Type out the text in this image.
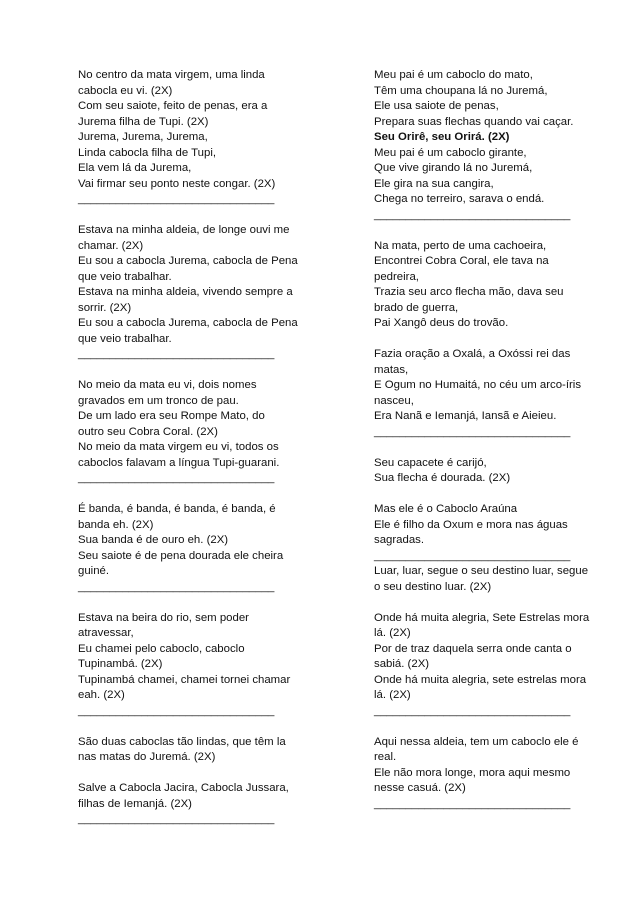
No centro da mata virgem, uma linda
cabocla eu vi. (2X)
Com seu saiote, feito de penas, era a
Jurema filha de Tupi. (2X)
Jurema, Jurema, Jurema,
Linda cabocla filha de Tupi,
Ela vem lá da Jurema,
Vai firmar seu ponto neste congar. (2X)
_______________________________
Estava na minha aldeia, de longe ouvi me
chamar. (2X)
Eu sou a cabocla Jurema, cabocla de Pena
que veio trabalhar.
Estava na minha aldeia, vivendo sempre a
sorrir. (2X)
Eu sou a cabocla Jurema, cabocla de Pena
que veio trabalhar.
_______________________________
No meio da mata eu vi, dois nomes
gravados em um tronco de pau.
De um lado era seu Rompe Mato, do
outro seu Cobra Coral. (2X)
No meio da mata virgem eu vi, todos os
caboclos falavam a língua Tupi-guarani.
_______________________________
É banda, é banda, é banda, é banda, é
banda eh. (2X)
Sua banda é de ouro eh. (2X)
Seu saiote é de pena dourada ele cheira
guiné.
_______________________________
Estava na beira do rio, sem poder
atravessar,
Eu chamei pelo caboclo, caboclo
Tupinambá. (2X)
Tupinambá chamei, chamei tornei chamar
eah. (2X)
_______________________________
São duas caboclas tão lindas, que têm la
nas matas do Juremá. (2X)
Salve a Cabocla Jacira, Cabocla Jussara,
filhas de Iemanjá. (2X)
_______________________________
Meu pai é um caboclo do mato,
Têm uma choupana lá no Juremá,
Ele usa saiote de penas,
Prepara suas flechas quando vai caçar.
Seu Orirê, seu Orirá. (2X)
Meu pai é um caboclo girante,
Que vive girando lá no Juremá,
Ele gira na sua cangira,
Chega no terreiro, sarava o endá.
_______________________________
Na mata, perto de uma cachoeira,
Encontrei Cobra Coral, ele tava na
pedreira,
Trazia seu arco flecha mão, dava seu
brado de guerra,
Pai Xangô deus do trovão.
Fazia oração a Oxalá, a Oxóssi rei das
matas,
E Ogum no Humaitá, no céu um arco-íris
nasceu,
Era Nanã e Iemanjá, Iansã e Aieieu.
_______________________________
Seu capacete é carijó,
Sua flecha é dourada. (2X)
Mas ele é o Caboclo Araúna
Ele é filho da Oxum e mora nas águas
sagradas.
_______________________________
Luar, luar, segue o seu destino luar, segue
o seu destino luar. (2X)
Onde há muita alegria, Sete Estrelas mora
lá. (2X)
Por de traz daquela serra onde canta o
sabiá. (2X)
Onde há muita alegria, sete estrelas mora
lá. (2X)
_______________________________
Aqui nessa aldeia, tem um caboclo ele é
real.
Ele não mora longe, mora aqui mesmo
nesse casuá. (2X)
_______________________________
